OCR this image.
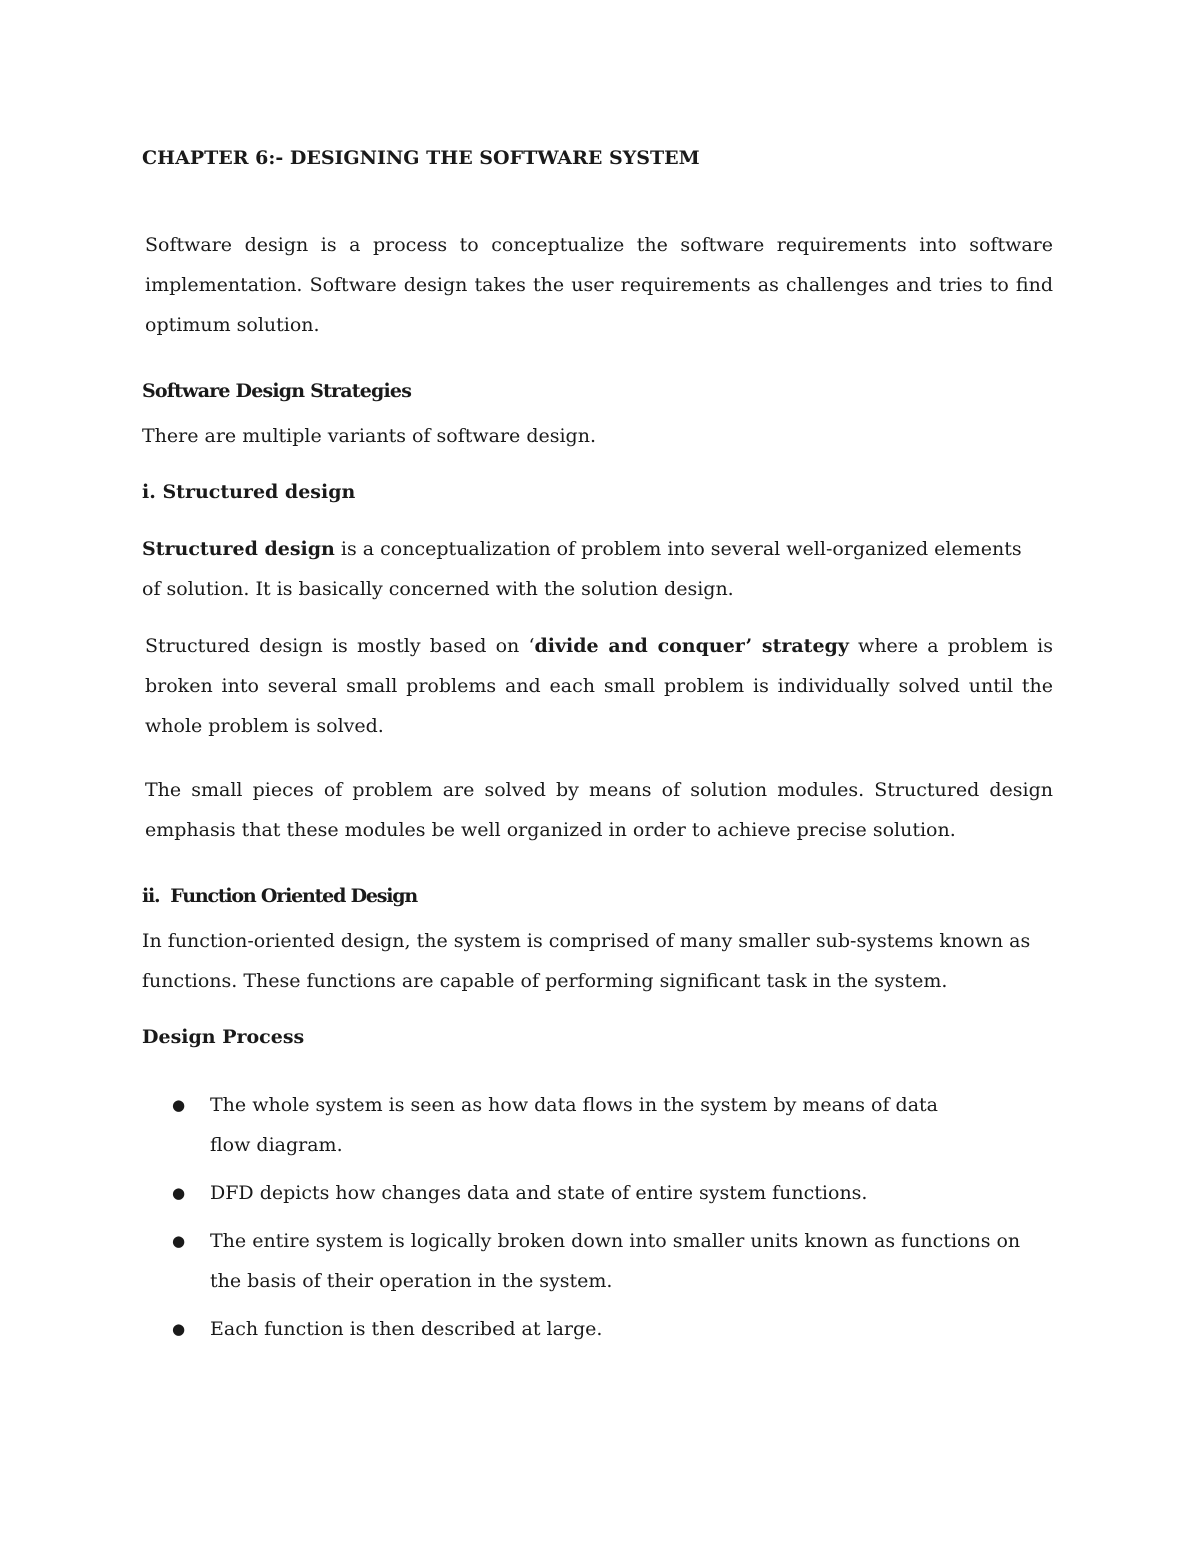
CHAPTER 6:- DESIGNING THE SOFTWARE SYSTEM

Software design is a process to conceptualize the software requirements into software implementation. Software design takes the user requirements as challenges and tries to find optimum solution.

Software Design Strategies

There are multiple variants of software design.

i. Structured design

Structured design is a conceptualization of problem into several well-organized elements of solution. It is basically concerned with the solution design.

Structured design is mostly based on ‘divide and conquer’ strategy where a problem is broken into several small problems and each small problem is individually solved until the whole problem is solved.

The small pieces of problem are solved by means of solution modules. Structured design emphasis that these modules be well organized in order to achieve precise solution.

ii.  Function Oriented Design

In function-oriented design, the system is comprised of many smaller sub-systems known as functions. These functions are capable of performing significant task in the system.

Design Process
● The whole system is seen as how data flows in the system by means of data flow diagram.
● DFD depicts how changes data and state of entire system functions.
● The entire system is logically broken down into smaller units known as functions on the basis of their operation in the system.
● Each function is then described at large.
